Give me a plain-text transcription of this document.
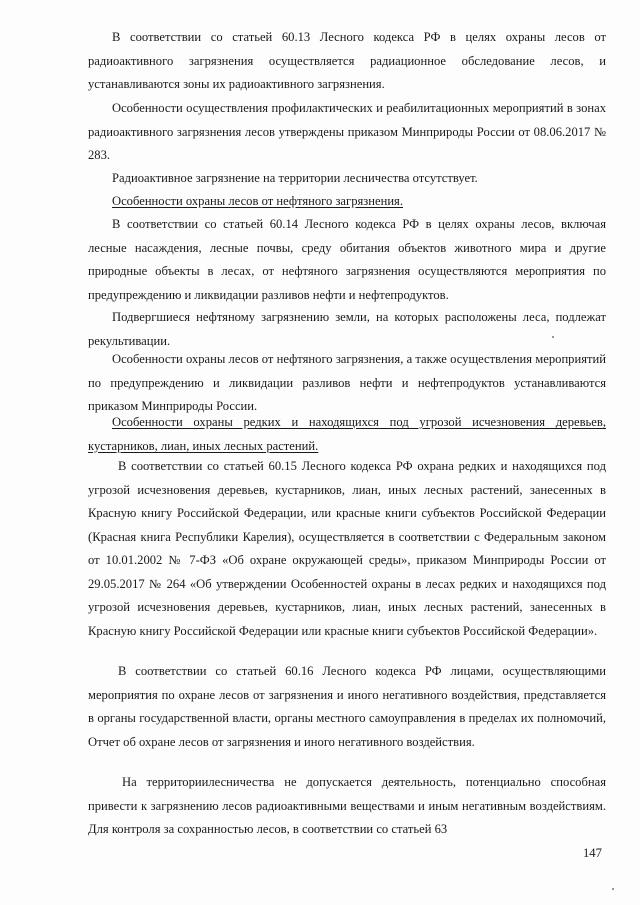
В соответствии со статьей 60.13 Лесного кодекса РФ в целях охраны лесов от радиоактивного загрязнения осуществляется радиационное обследование лесов, и устанавливаются зоны их радиоактивного загрязнения.

Особенности осуществления профилактических и реабилитационных мероприятий в зонах радиоактивного загрязнения лесов утверждены приказом Минприроды России от 08.06.2017 № 283.

Радиоактивное загрязнение на территории лесничества отсутствует.

Особенности охраны лесов от нефтяного загрязнения.

В соответствии со статьей 60.14 Лесного кодекса РФ в целях охраны лесов, включая лесные насаждения, лесные почвы, среду обитания объектов животного мира и другие природные объекты в лесах, от нефтяного загрязнения осуществляются мероприятия по предупреждению и ликвидации разливов нефти и нефтепродуктов.

Подвергшиеся нефтяному загрязнению земли, на которых расположены леса, подлежат рекультивации.

Особенности охраны лесов от нефтяного загрязнения, а также осуществления мероприятий по предупреждению и ликвидации разливов нефти и нефтепродуктов устанавливаются приказом Минприроды России.

Особенности охраны редких и находящихся под угрозой исчезновения деревьев, кустарников, лиан, иных лесных растений.

В соответствии со статьей 60.15 Лесного кодекса РФ охрана редких и находящихся под угрозой исчезновения деревьев, кустарников, лиан, иных лесных растений, занесенных в Красную книгу Российской Федерации, или красные книги субъектов Российской Федерации (Красная книга Республики Карелия), осуществляется в соответствии с Федеральным законом от 10.01.2002 № 7-ФЗ «Об охране окружающей среды», приказом Минприроды России от 29.05.2017 № 264 «Об утверждении Особенностей охраны в лесах редких и находящихся под угрозой исчезновения деревьев, кустарников, лиан, иных лесных растений, занесенных в Красную книгу Российской Федерации или красные книги субъектов Российской Федерации».

В соответствии со статьей 60.16 Лесного кодекса РФ лицами, осуществляющими мероприятия по охране лесов от загрязнения и иного негативного воздействия, представляется в органы государственной власти, органы местного самоуправления в пределах их полномочий, Отчет об охране лесов от загрязнения и иного негативного воздействия.

На территориилесничества не допускается деятельность, потенциально способная привести к загрязнению лесов радиоактивными веществами и иным негативным воздействиям. Для контроля за сохранностью лесов, в соответствии со статьей 63

147
